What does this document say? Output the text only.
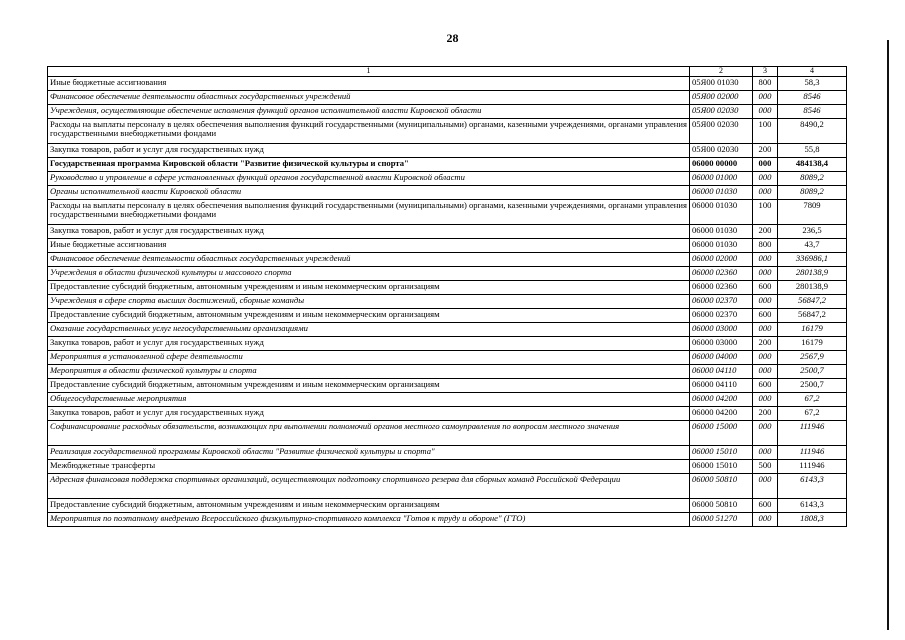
28
1	2	3	4
Иные бюджетные ассигнования	05Я00 01030	800	58,3
Финансовое обеспечение деятельности областных государственных учреждений	05Я00 02000	000	8546
Учреждения, осуществляющие обеспечение исполнения функций органов исполнительной власти Кировской области	05Я00 02030	000	8546
Расходы на выплаты персоналу в целях обеспечения выполнения функций государственными (муниципальными) органами, казенными учреждениями, органами управления государственными внебюджетными фондами	05Я00 02030	100	8490,2
Закупка товаров, работ и услуг для государственных нужд	05Я00 02030	200	55,8
Государственная программа Кировской области "Развитие физической культуры и спорта"	06000 00000	000	484138,4
Руководство и управление в сфере установленных функций органов государственной власти Кировской области	06000 01000	000	8089,2
Органы исполнительной власти Кировской области	06000 01030	000	8089,2
Расходы на выплаты персоналу в целях обеспечения выполнения функций государственными (муниципальными) органами, казенными учреждениями, органами управления государственными внебюджетными фондами	06000 01030	100	7809
Закупка товаров, работ и услуг для государственных нужд	06000 01030	200	236,5
Иные бюджетные ассигнования	06000 01030	800	43,7
Финансовое обеспечение деятельности областных государственных учреждений	06000 02000	000	336986,1
Учреждения в области физической культуры и массового спорта	06000 02360	000	280138,9
Предоставление субсидий бюджетным, автономным учреждениям и иным некоммерческим организациям	06000 02360	600	280138,9
Учреждения в сфере спорта высших достижений, сборные команды	06000 02370	000	56847,2
Предоставление субсидий бюджетным, автономным учреждениям и иным некоммерческим организациям	06000 02370	600	56847,2
Оказание государственных услуг негосударственными организациями	06000 03000	000	16179
Закупка товаров, работ и услуг для государственных нужд	06000 03000	200	16179
Мероприятия в установленной сфере деятельности	06000 04000	000	2567,9
Мероприятия в области физической культуры и спорта	06000 04110	000	2500,7
Предоставление субсидий бюджетным, автономным учреждениям и иным некоммерческим организациям	06000 04110	600	2500,7
Общегосударственные мероприятия	06000 04200	000	67,2
Закупка товаров, работ и услуг для государственных нужд	06000 04200	200	67,2
Софинансирование расходных обязательств, возникающих при выполнении полномочий органов местного самоуправления по вопросам местного значения	06000 15000	000	111946
Реализация государственной программы Кировской области "Развитие физической культуры и спорта"	06000 15010	000	111946
Межбюджетные трансферты	06000 15010	500	111946
Адресная финансовая поддержка спортивных организаций, осуществляющих подготовку спортивного резерва для сборных команд Российской Федерации	06000 50810	000	6143,3
Предоставление субсидий бюджетным, автономным учреждениям и иным некоммерческим организациям	06000 50810	600	6143,3
Мероприятия по поэтапному внедрению Всероссийского физкультурно-спортивного комплекса "Готов к труду и обороне" (ГТО)	06000 51270	000	1808,3
